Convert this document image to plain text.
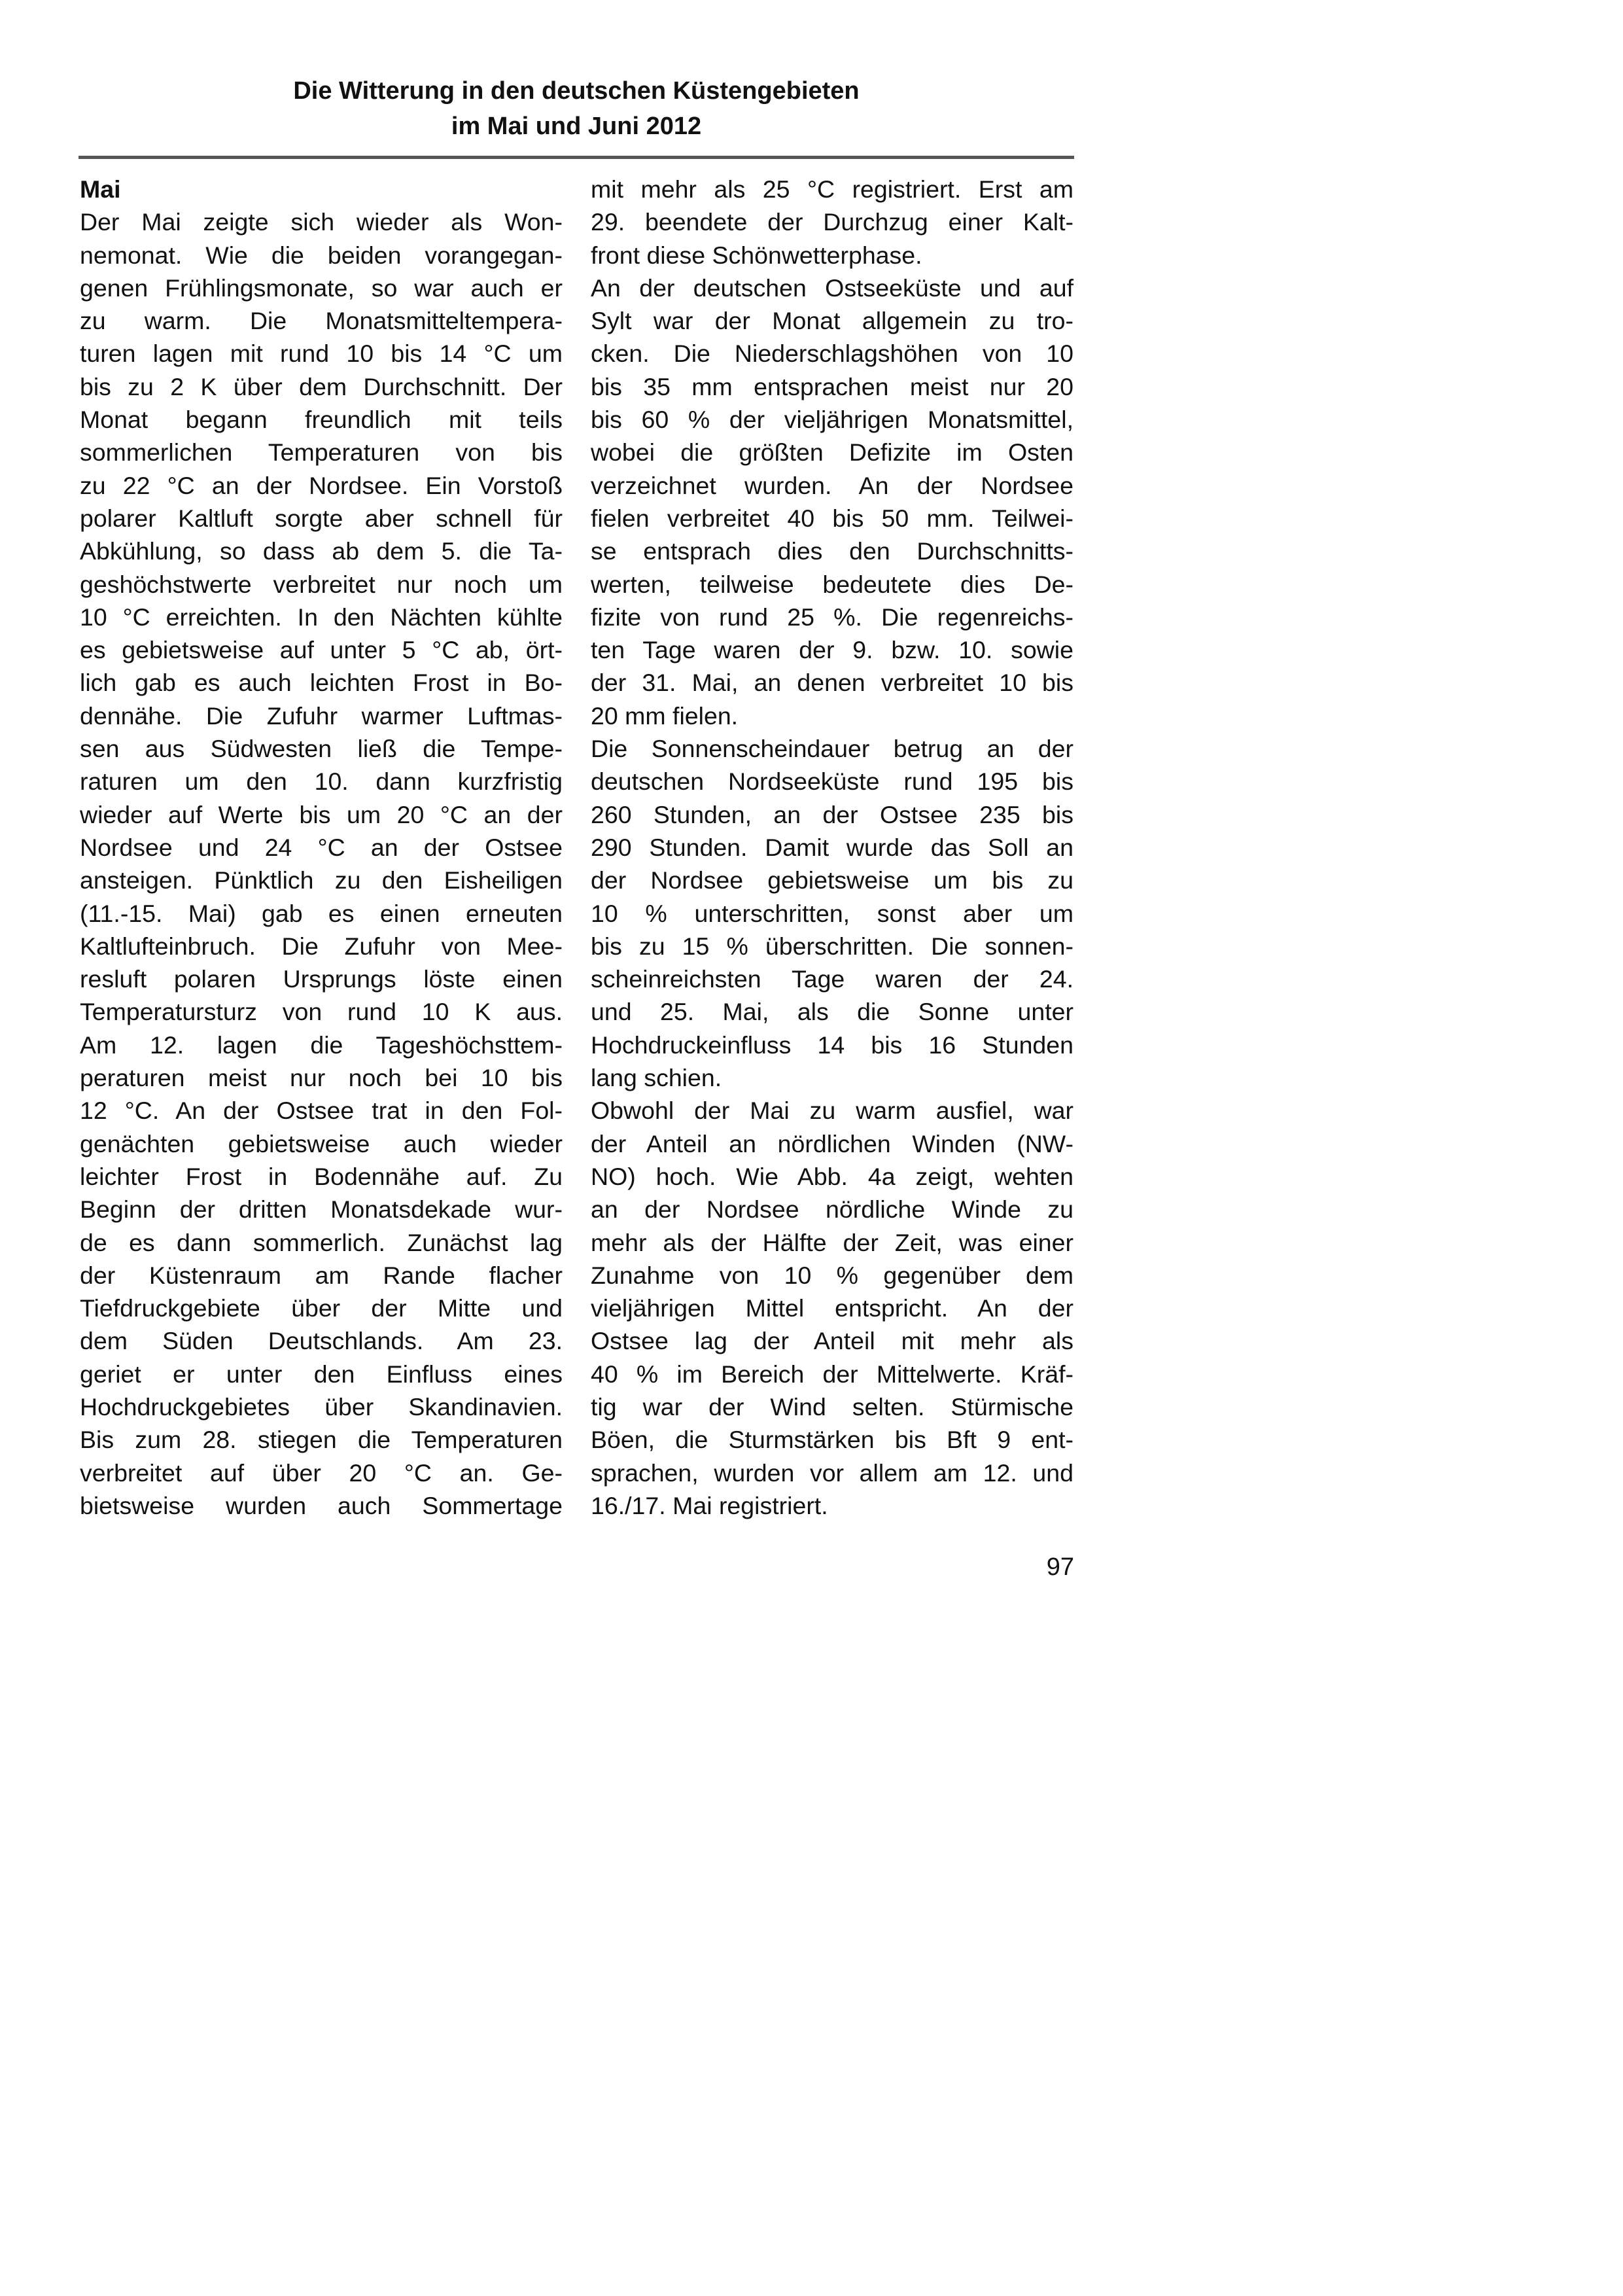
Die Witterung in den deutschen Küstengebieten
im Mai und Juni 2012
Mai
Der Mai zeigte sich wieder als Won-
nemonat. Wie die beiden vorangegan-
genen Frühlingsmonate, so war auch er
zu warm. Die Monatsmitteltempera-
turen lagen mit rund 10 bis 14 °C um
bis zu 2 K über dem Durchschnitt. Der
Monat begann freundlich mit teils
sommerlichen Temperaturen von bis
zu 22 °C an der Nordsee. Ein Vorstoß
polarer Kaltluft sorgte aber schnell für
Abkühlung, so dass ab dem 5. die Ta-
geshöchstwerte verbreitet nur noch um
10 °C erreichten. In den Nächten kühlte
es gebietsweise auf unter 5 °C ab, ört-
lich gab es auch leichten Frost in Bo-
dennähe. Die Zufuhr warmer Luftmas-
sen aus Südwesten ließ die Tempe-
raturen um den 10. dann kurzfristig
wieder auf Werte bis um 20 °C an der
Nordsee und 24 °C an der Ostsee
ansteigen. Pünktlich zu den Eisheiligen
(11.-15. Mai) gab es einen erneuten
Kaltlufteinbruch. Die Zufuhr von Mee-
resluft polaren Ursprungs löste einen
Temperatursturz von rund 10 K aus.
Am 12. lagen die Tageshöchsttem-
peraturen meist nur noch bei 10 bis
12 °C. An der Ostsee trat in den Fol-
genächten gebietsweise auch wieder
leichter Frost in Bodennähe auf. Zu
Beginn der dritten Monatsdekade wur-
de es dann sommerlich. Zunächst lag
der Küstenraum am Rande flacher
Tiefdruckgebiete über der Mitte und
dem Süden Deutschlands. Am 23.
geriet er unter den Einfluss eines
Hochdruckgebietes über Skandinavien.
Bis zum 28. stiegen die Temperaturen
verbreitet auf über 20 °C an. Ge-
bietsweise wurden auch Sommertage
mit mehr als 25 °C registriert. Erst am
29. beendete der Durchzug einer Kalt-
front diese Schönwetterphase.
An der deutschen Ostseeküste und auf
Sylt war der Monat allgemein zu tro-
cken. Die Niederschlagshöhen von 10
bis 35 mm entsprachen meist nur 20
bis 60 % der vieljährigen Monatsmittel,
wobei die größten Defizite im Osten
verzeichnet wurden. An der Nordsee
fielen verbreitet 40 bis 50 mm. Teilwei-
se entsprach dies den Durchschnitts-
werten, teilweise bedeutete dies De-
fizite von rund 25 %. Die regenreichs-
ten Tage waren der 9. bzw. 10. sowie
der 31. Mai, an denen verbreitet 10 bis
20 mm fielen.
Die Sonnenscheindauer betrug an der
deutschen Nordseeküste rund 195 bis
260 Stunden, an der Ostsee 235 bis
290 Stunden. Damit wurde das Soll an
der Nordsee gebietsweise um bis zu
10 % unterschritten, sonst aber um
bis zu 15 % überschritten. Die sonnen-
scheinreichsten Tage waren der 24.
und 25. Mai, als die Sonne unter
Hochdruckeinfluss 14 bis 16 Stunden
lang schien.
Obwohl der Mai zu warm ausfiel, war
der Anteil an nördlichen Winden (NW-
NO) hoch. Wie Abb. 4a zeigt, wehten
an der Nordsee nördliche Winde zu
mehr als der Hälfte der Zeit, was einer
Zunahme von 10 % gegenüber dem
vieljährigen Mittel entspricht. An der
Ostsee lag der Anteil mit mehr als
40 % im Bereich der Mittelwerte. Kräf-
tig war der Wind selten. Stürmische
Böen, die Sturmstärken bis Bft 9 ent-
sprachen, wurden vor allem am 12. und
16./17. Mai registriert.
97
